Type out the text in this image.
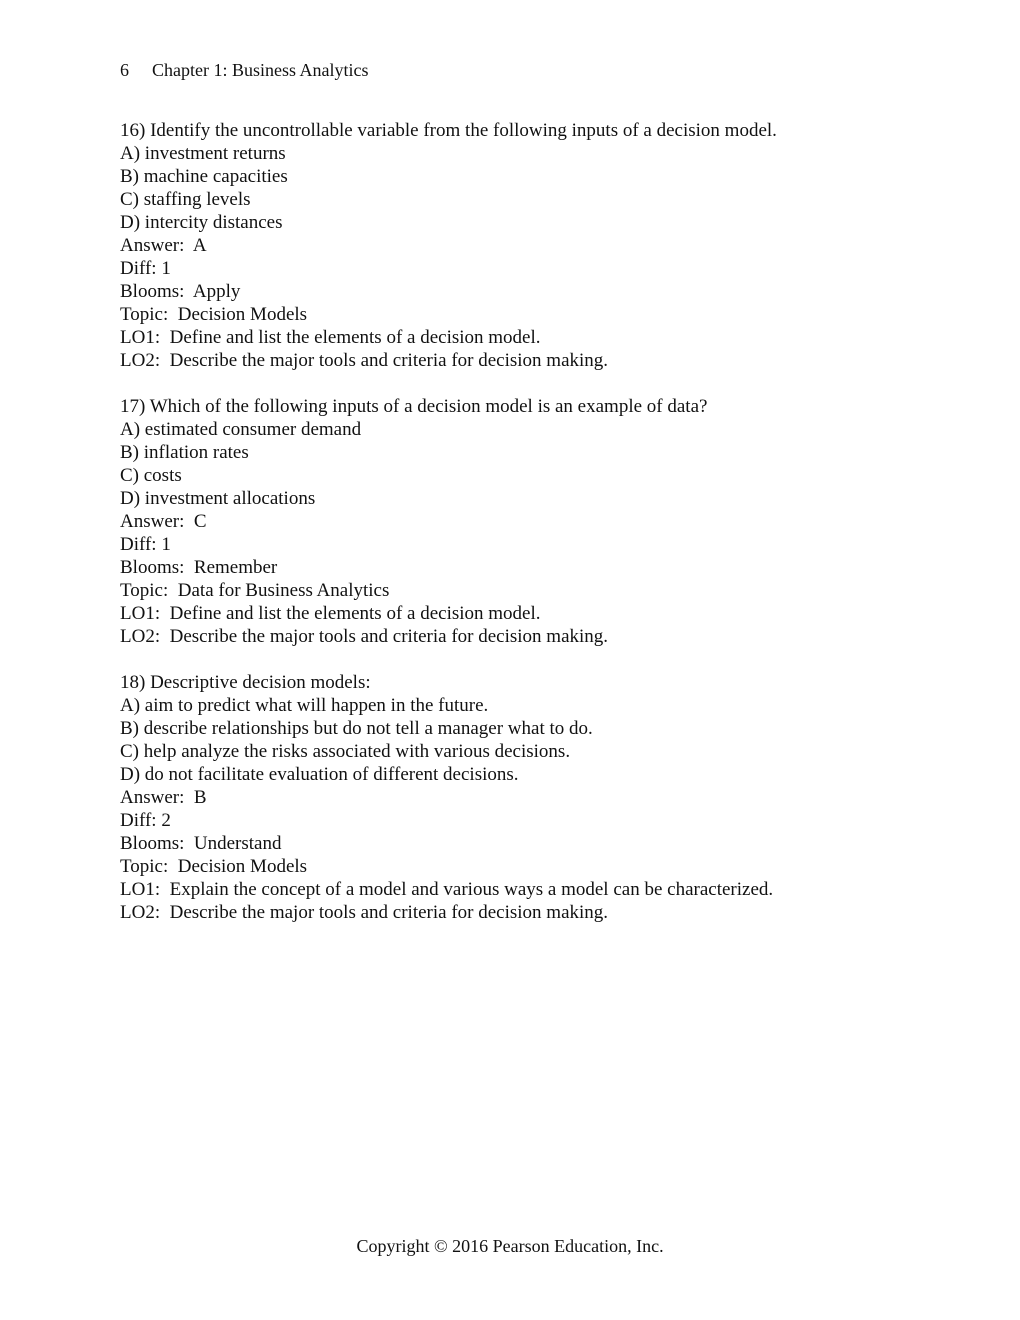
6 Chapter 1: Business Analytics
16) Identify the uncontrollable variable from the following inputs of a decision model.
A) investment returns
B) machine capacities
C) staffing levels
D) intercity distances
Answer:  A
Diff: 1
Blooms:  Apply
Topic:  Decision Models
LO1:  Define and list the elements of a decision model.
LO2:  Describe the major tools and criteria for decision making.
17) Which of the following inputs of a decision model is an example of data?
A) estimated consumer demand
B) inflation rates
C) costs
D) investment allocations
Answer:  C
Diff: 1
Blooms:  Remember
Topic:  Data for Business Analytics
LO1:  Define and list the elements of a decision model.
LO2:  Describe the major tools and criteria for decision making.
18) Descriptive decision models:
A) aim to predict what will happen in the future.
B) describe relationships but do not tell a manager what to do.
C) help analyze the risks associated with various decisions.
D) do not facilitate evaluation of different decisions.
Answer:  B
Diff: 2
Blooms:  Understand
Topic:  Decision Models
LO1:  Explain the concept of a model and various ways a model can be characterized.
LO2:  Describe the major tools and criteria for decision making.
Copyright © 2016 Pearson Education, Inc.
